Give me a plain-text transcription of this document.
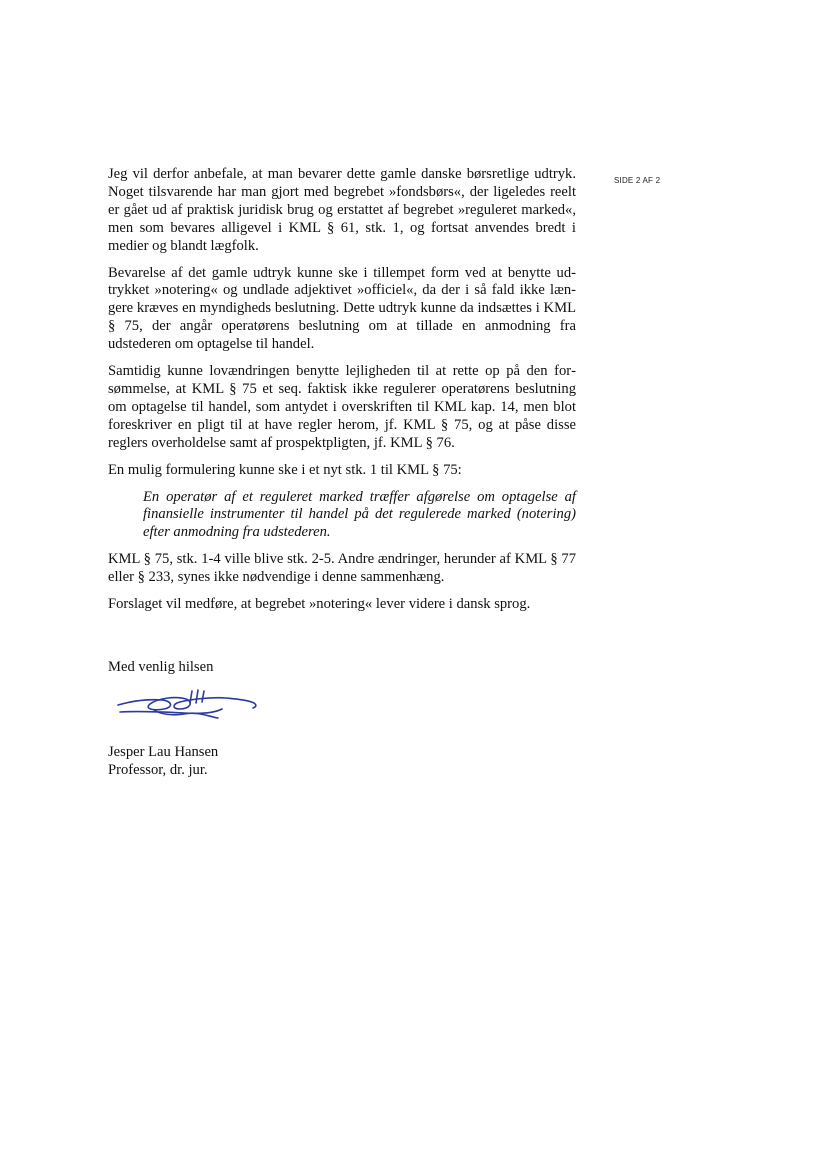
SIDE 2 AF 2

Jeg vil derfor anbefale, at man bevarer dette gamle danske børsretlige udtryk. Noget tilsvarende har man gjort med begrebet »fondsbørs«, der ligeledes reelt er gået ud af praktisk juridisk brug og erstattet af begrebet »reguleret marked«, men som bevares alligevel i KML § 61, stk. 1, og fortsat anvendes bredt i medier og blandt lægfolk.

Bevarelse af det gamle udtryk kunne ske i tillempet form ved at benytte udtrykket »notering« og undlade adjektivet »officiel«, da der i så fald ikke længere kræves en myndigheds beslutning. Dette udtryk kunne da indsættes i KML § 75, der angår operatørens beslutning om at tillade en anmodning fra udstederen om optagelse til handel.

Samtidig kunne lovændringen benytte lejligheden til at rette op på den forsømmelse, at KML § 75 et seq. faktisk ikke regulerer operatørens beslutning om optagelse til handel, som antydet i overskriften til KML kap. 14, men blot foreskriver en pligt til at have regler herom, jf. KML § 75, og at påse disse reglers overholdelse samt af prospektpligten, jf. KML § 76.

En mulig formulering kunne ske i et nyt stk. 1 til KML § 75:

En operatør af et reguleret marked træffer afgørelse om optagelse af finansielle instrumenter til handel på det regulerede marked (notering) efter anmodning fra udstederen.

KML § 75, stk. 1-4 ville blive stk. 2-5. Andre ændringer, herunder af KML § 77 eller § 233, synes ikke nødvendige i denne sammenhæng.

Forslaget vil medføre, at begrebet »notering« lever videre i dansk sprog.

Med venlig hilsen
Jesper Lau Hansen
Professor, dr. jur.
